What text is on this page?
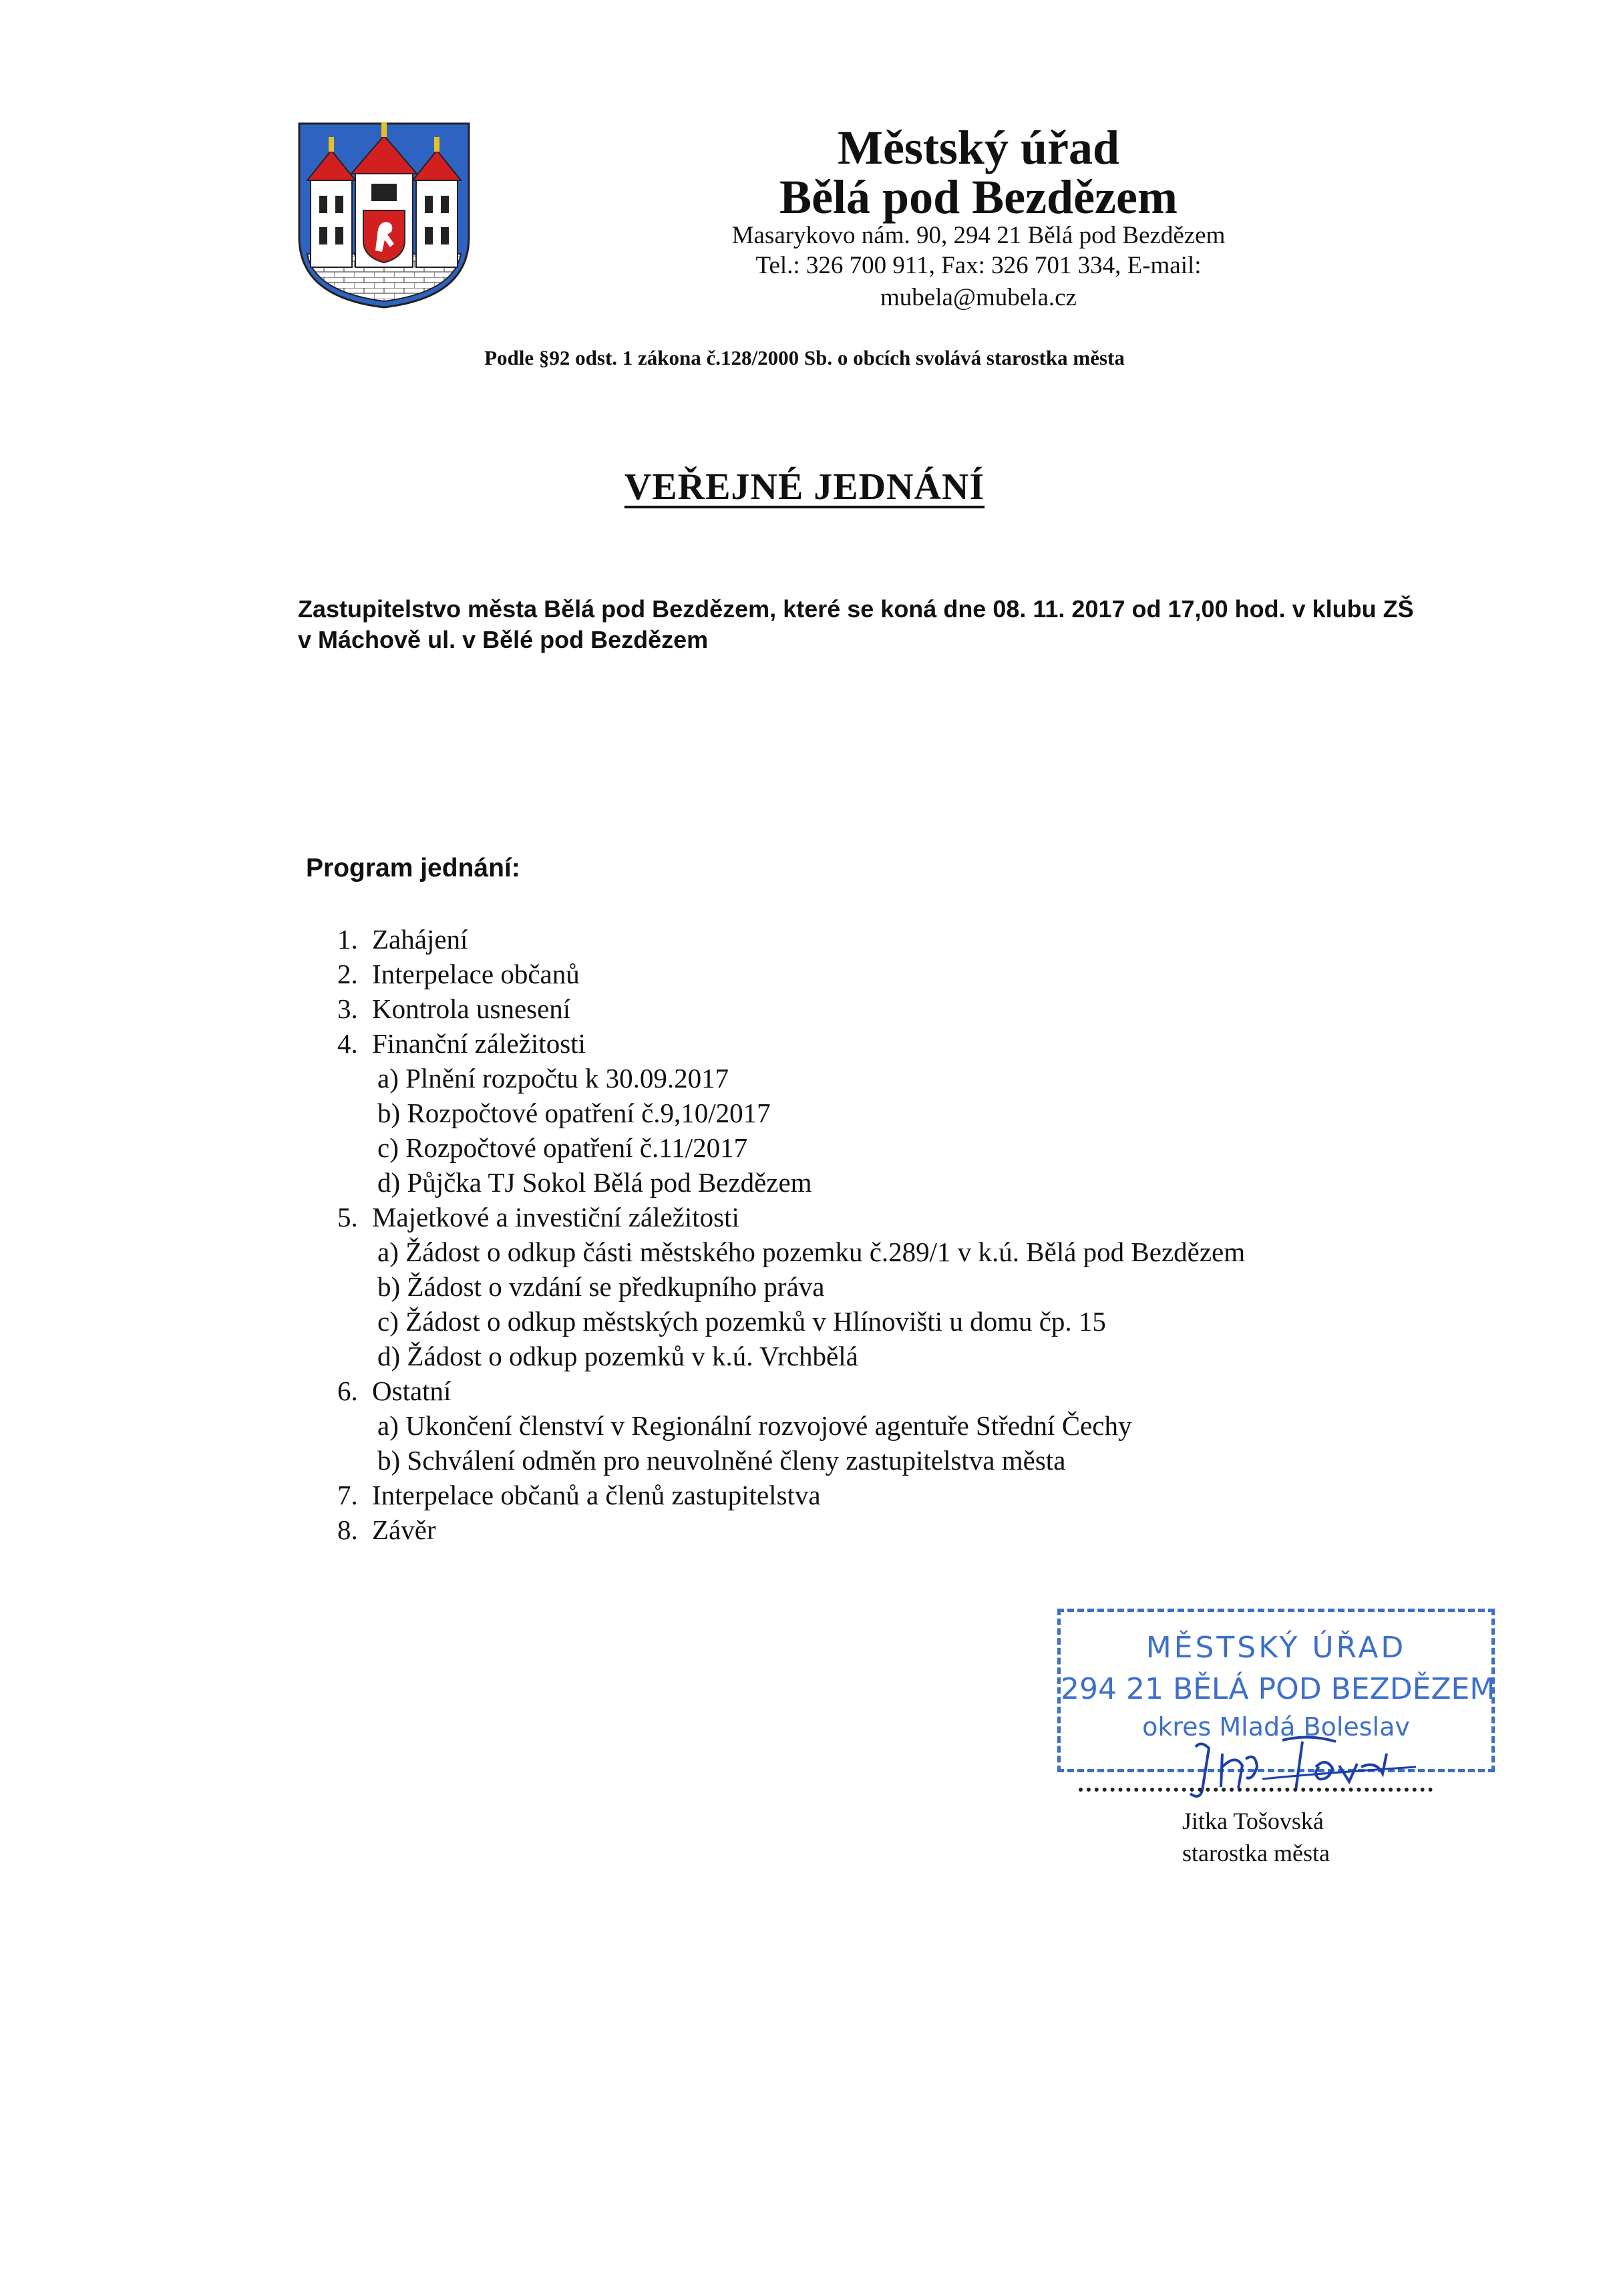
Městský úřad
Bělá pod Bezdězem
Masarykovo nám. 90, 294 21 Bělá pod Bezdězem
Tel.: 326 700 911, Fax: 326 701 334, E-mail: mubela@mubela.cz
Podle §92 odst. 1 zákona č.128/2000 Sb. o obcích svolává starostka města
VEŘEJNÉ JEDNÁNÍ
Zastupitelstvo města Bělá pod Bezdězem, které se koná dne 08. 11. 2017 od 17,00 hod. v klubu ZŠ
v Máchově ul. v Bělé pod Bezdězem
Program jednání:
1. Zahájení
2. Interpelace občanů
3. Kontrola usnesení
4. Finanční záležitosti
a) Plnění rozpočtu k 30.09.2017
b) Rozpočtové opatření č.9,10/2017
c) Rozpočtové opatření č.11/2017
d) Půjčka TJ Sokol Bělá pod Bezdězem
5. Majetkové a investiční záležitosti
a) Žádost o odkup části městského pozemku č.289/1 v k.ú. Bělá pod Bezdězem
b) Žádost o vzdání se předkupního práva
c) Žádost o odkup městských pozemků v Hlínovišti u domu čp. 15
d) Žádost o odkup pozemků v k.ú. Vrchbělá
6. Ostatní
a) Ukončení členství v Regionální rozvojové agentuře Střední Čechy
b) Schválení odměn pro neuvolněné členy zastupitelstva města
7. Interpelace občanů a členů zastupitelstva
8. Závěr
MĚSTSKÝ ÚŘAD
294 21 BĚLÁ POD BEZDĚZEM
okres Mladá Boleslav
Jitka Tošovská
starostka města
